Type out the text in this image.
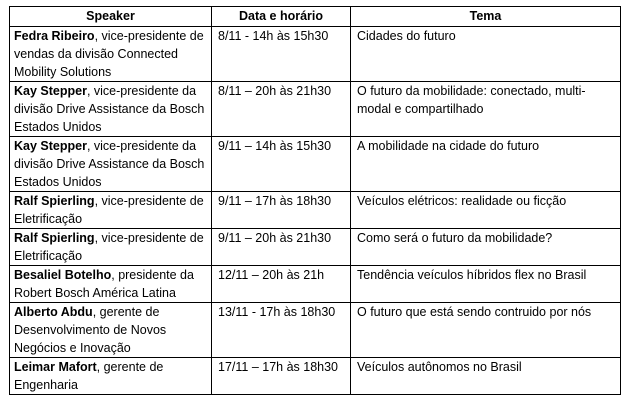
Speaker	Data e horário	Tema
Fedra Ribeiro, vice-presidente de vendas da divisão Connected Mobility Solutions	8/11 - 14h às 15h30	Cidades do futuro
Kay Stepper, vice-presidente da divisão Drive Assistance da Bosch Estados Unidos	8/11 – 20h às 21h30	O futuro da mobilidade: conectado, multi-modal e compartilhado
Kay Stepper, vice-presidente da divisão Drive Assistance da Bosch Estados Unidos	9/11 – 14h às 15h30	A mobilidade na cidade do futuro
Ralf Spierling, vice-presidente de Eletrificação	9/11 – 17h às 18h30	Veículos elétricos: realidade ou ficção
Ralf Spierling, vice-presidente de Eletrificação	9/11 – 20h às 21h30	Como será o futuro da mobilidade?
Besaliel Botelho, presidente da Robert Bosch América Latina	12/11 – 20h às 21h	Tendência veículos híbridos flex no Brasil
Alberto Abdu, gerente de Desenvolvimento de Novos Negócios e Inovação	13/11 - 17h às 18h30	O futuro que está sendo contruido por nós
Leimar Mafort, gerente de Engenharia	17/11 – 17h às 18h30	Veículos autônomos no Brasil
